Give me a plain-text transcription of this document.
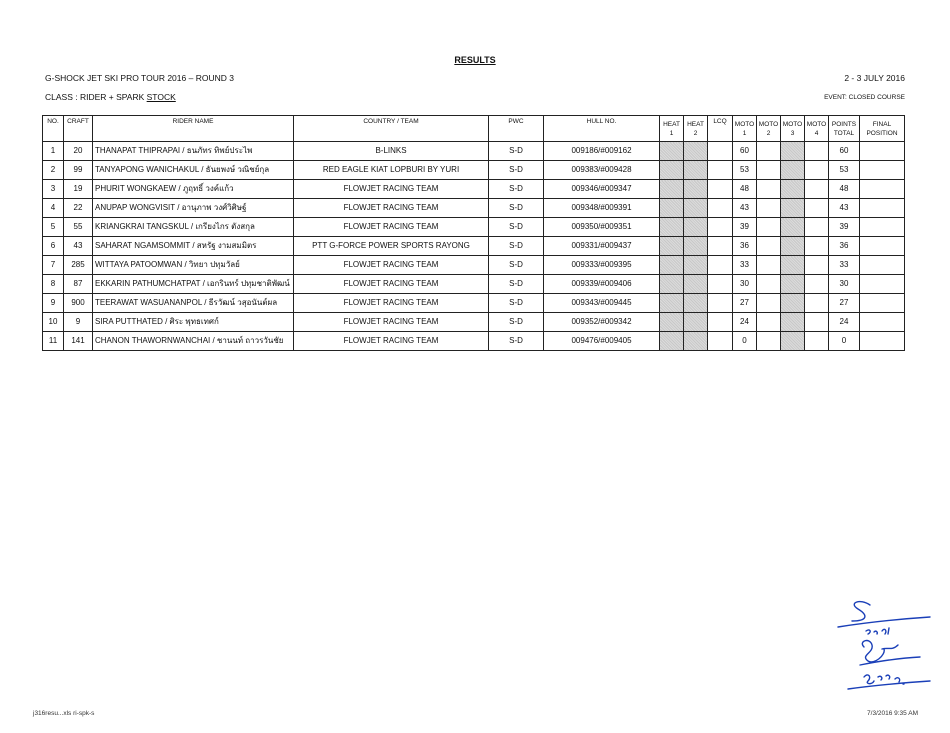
RESULTS
G-SHOCK JET SKI PRO TOUR 2016 – ROUND 3	2 - 3 JULY 2016
CLASS : RIDER + SPARK STOCK	EVENT: CLOSED COURSE
NO.	CRAFT	RIDER NAME	COUNTRY / TEAM	PWC	HULL NO.	HEAT	HEAT	LCQ	MOTO	MOTO	MOTO	MOTO	POINTS	FINAL
						1	2		1	2	3	4	TOTAL	POSITION
1	20	THANAPAT THIPRAPAI / ธนภัทร ทิพย์ประไพ	B-LINKS	S-D	009186/#009162				60				60	
2	99	TANYAPONG WANICHAKUL / ธันยพงษ์ วณิชย์กุล	RED EAGLE KIAT LOPBURI BY YURI	S-D	009383/#009428				53				53	
3	19	PHURIT WONGKAEW / ภูฤทธิ์ วงค์แก้ว	FLOWJET RACING TEAM	S-D	009346/#009347				48				48	
4	22	ANUPAP WONGVISIT / อานุภาพ วงศ์วิศิษฐ์	FLOWJET RACING TEAM	S-D	009348/#009391				43				43	
5	55	KRIANGKRAI TANGSKUL / เกรียงไกร ตังสกุล	FLOWJET RACING TEAM	S-D	009350/#009351				39				39	
6	43	SAHARAT NGAMSOMMIT / สหรัฐ งามสมมิตร	PTT G-FORCE POWER SPORTS RAYONG	S-D	009331/#009437				36				36	
7	285	WITTAYA PATOOMWAN / วิทยา ปทุมวัลย์	FLOWJET RACING TEAM	S-D	009333/#009395				33				33	
8	87	EKKARIN PATHUMCHATPAT / เอกรินทร์ ปทุมชาติพัฒน์	FLOWJET RACING TEAM	S-D	009339/#009406				30				30	
9	900	TEERAWAT WASUANANPOL / ธีรวัฒน์ วสุอนันต์ผล	FLOWJET RACING TEAM	S-D	009343/#009445				27				27	
10	9	SIRA PUTTHATED / ศิระ พุทธเทศก์	FLOWJET RACING TEAM	S-D	009352/#009342				24				24	
11	141	CHANON THAWORNWANCHAI / ชานนท์ ถาวรวันชัย	FLOWJET RACING TEAM	S-D	009476/#009405				0				0	
j316resu...xls ri-spk-s	7/3/2016 9:35 AM
